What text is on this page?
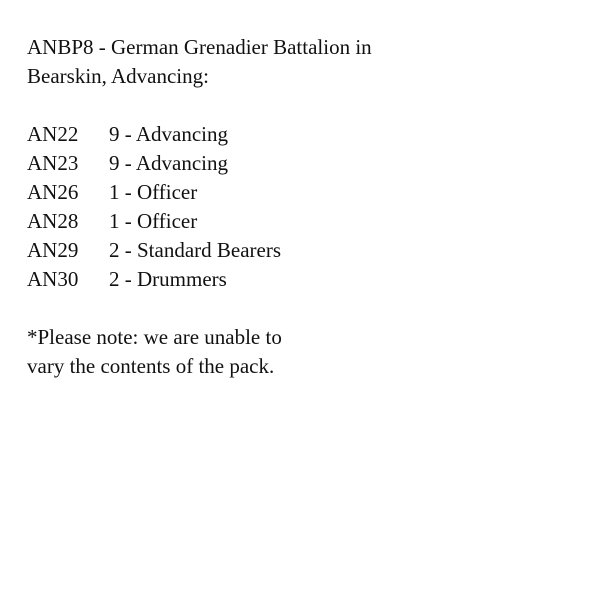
ANBP8 - German Grenadier Battalion in
Bearskin, Advancing:
AN22	9 - Advancing
AN23	9 - Advancing
AN26	1 - Officer
AN28	1 - Officer
AN29	2 - Standard Bearers
AN30	2 - Drummers
*Please note: we are unable to
vary the contents of the pack.
